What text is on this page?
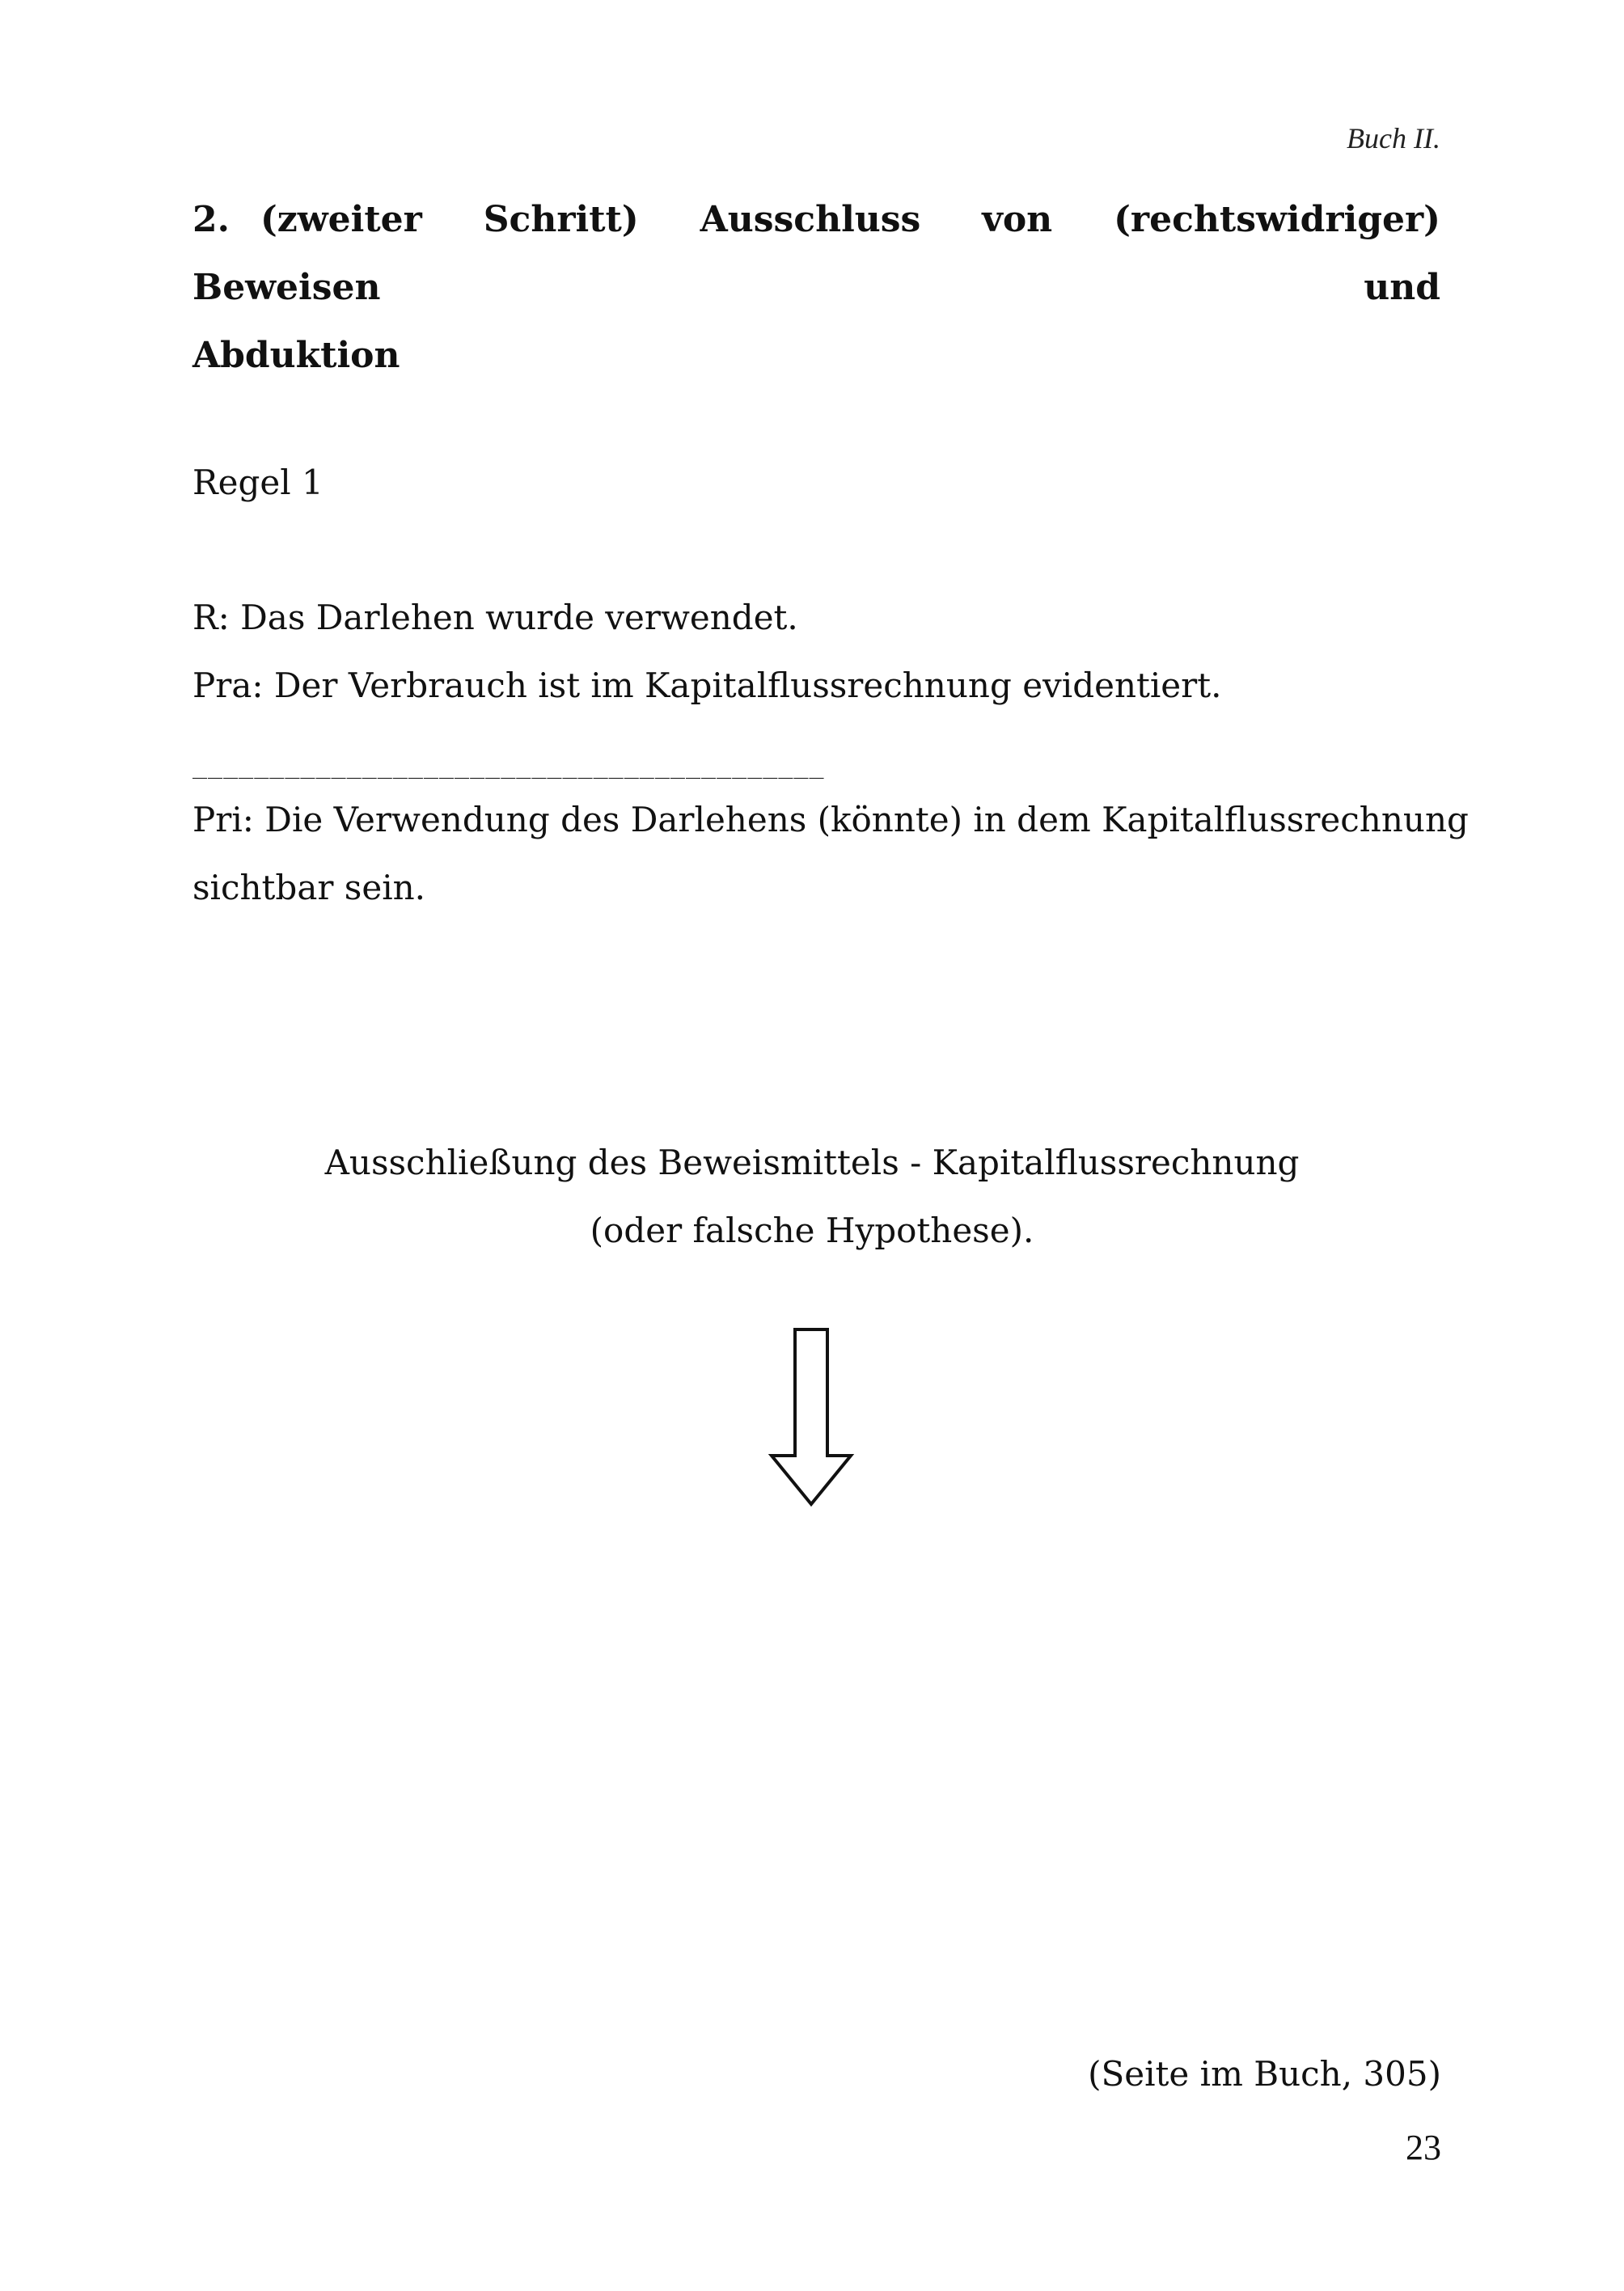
Buch II.
2. (zweiter Schritt) Ausschluss von (rechtswidriger) Beweisen und
Abduktion
Regel 1
R: Das Darlehen wurde verwendet.
Pra: Der Verbrauch ist im Kapitalflussrechnung evidentiert.
_________________________________________
Pri: Die Verwendung des Darlehens (könnte) in dem Kapitalflussrechnung
sichtbar sein.
Ausschließung des Beweismittels - Kapitalflussrechnung
(oder falsche Hypothese).
(Seite im Buch, 305)
23
